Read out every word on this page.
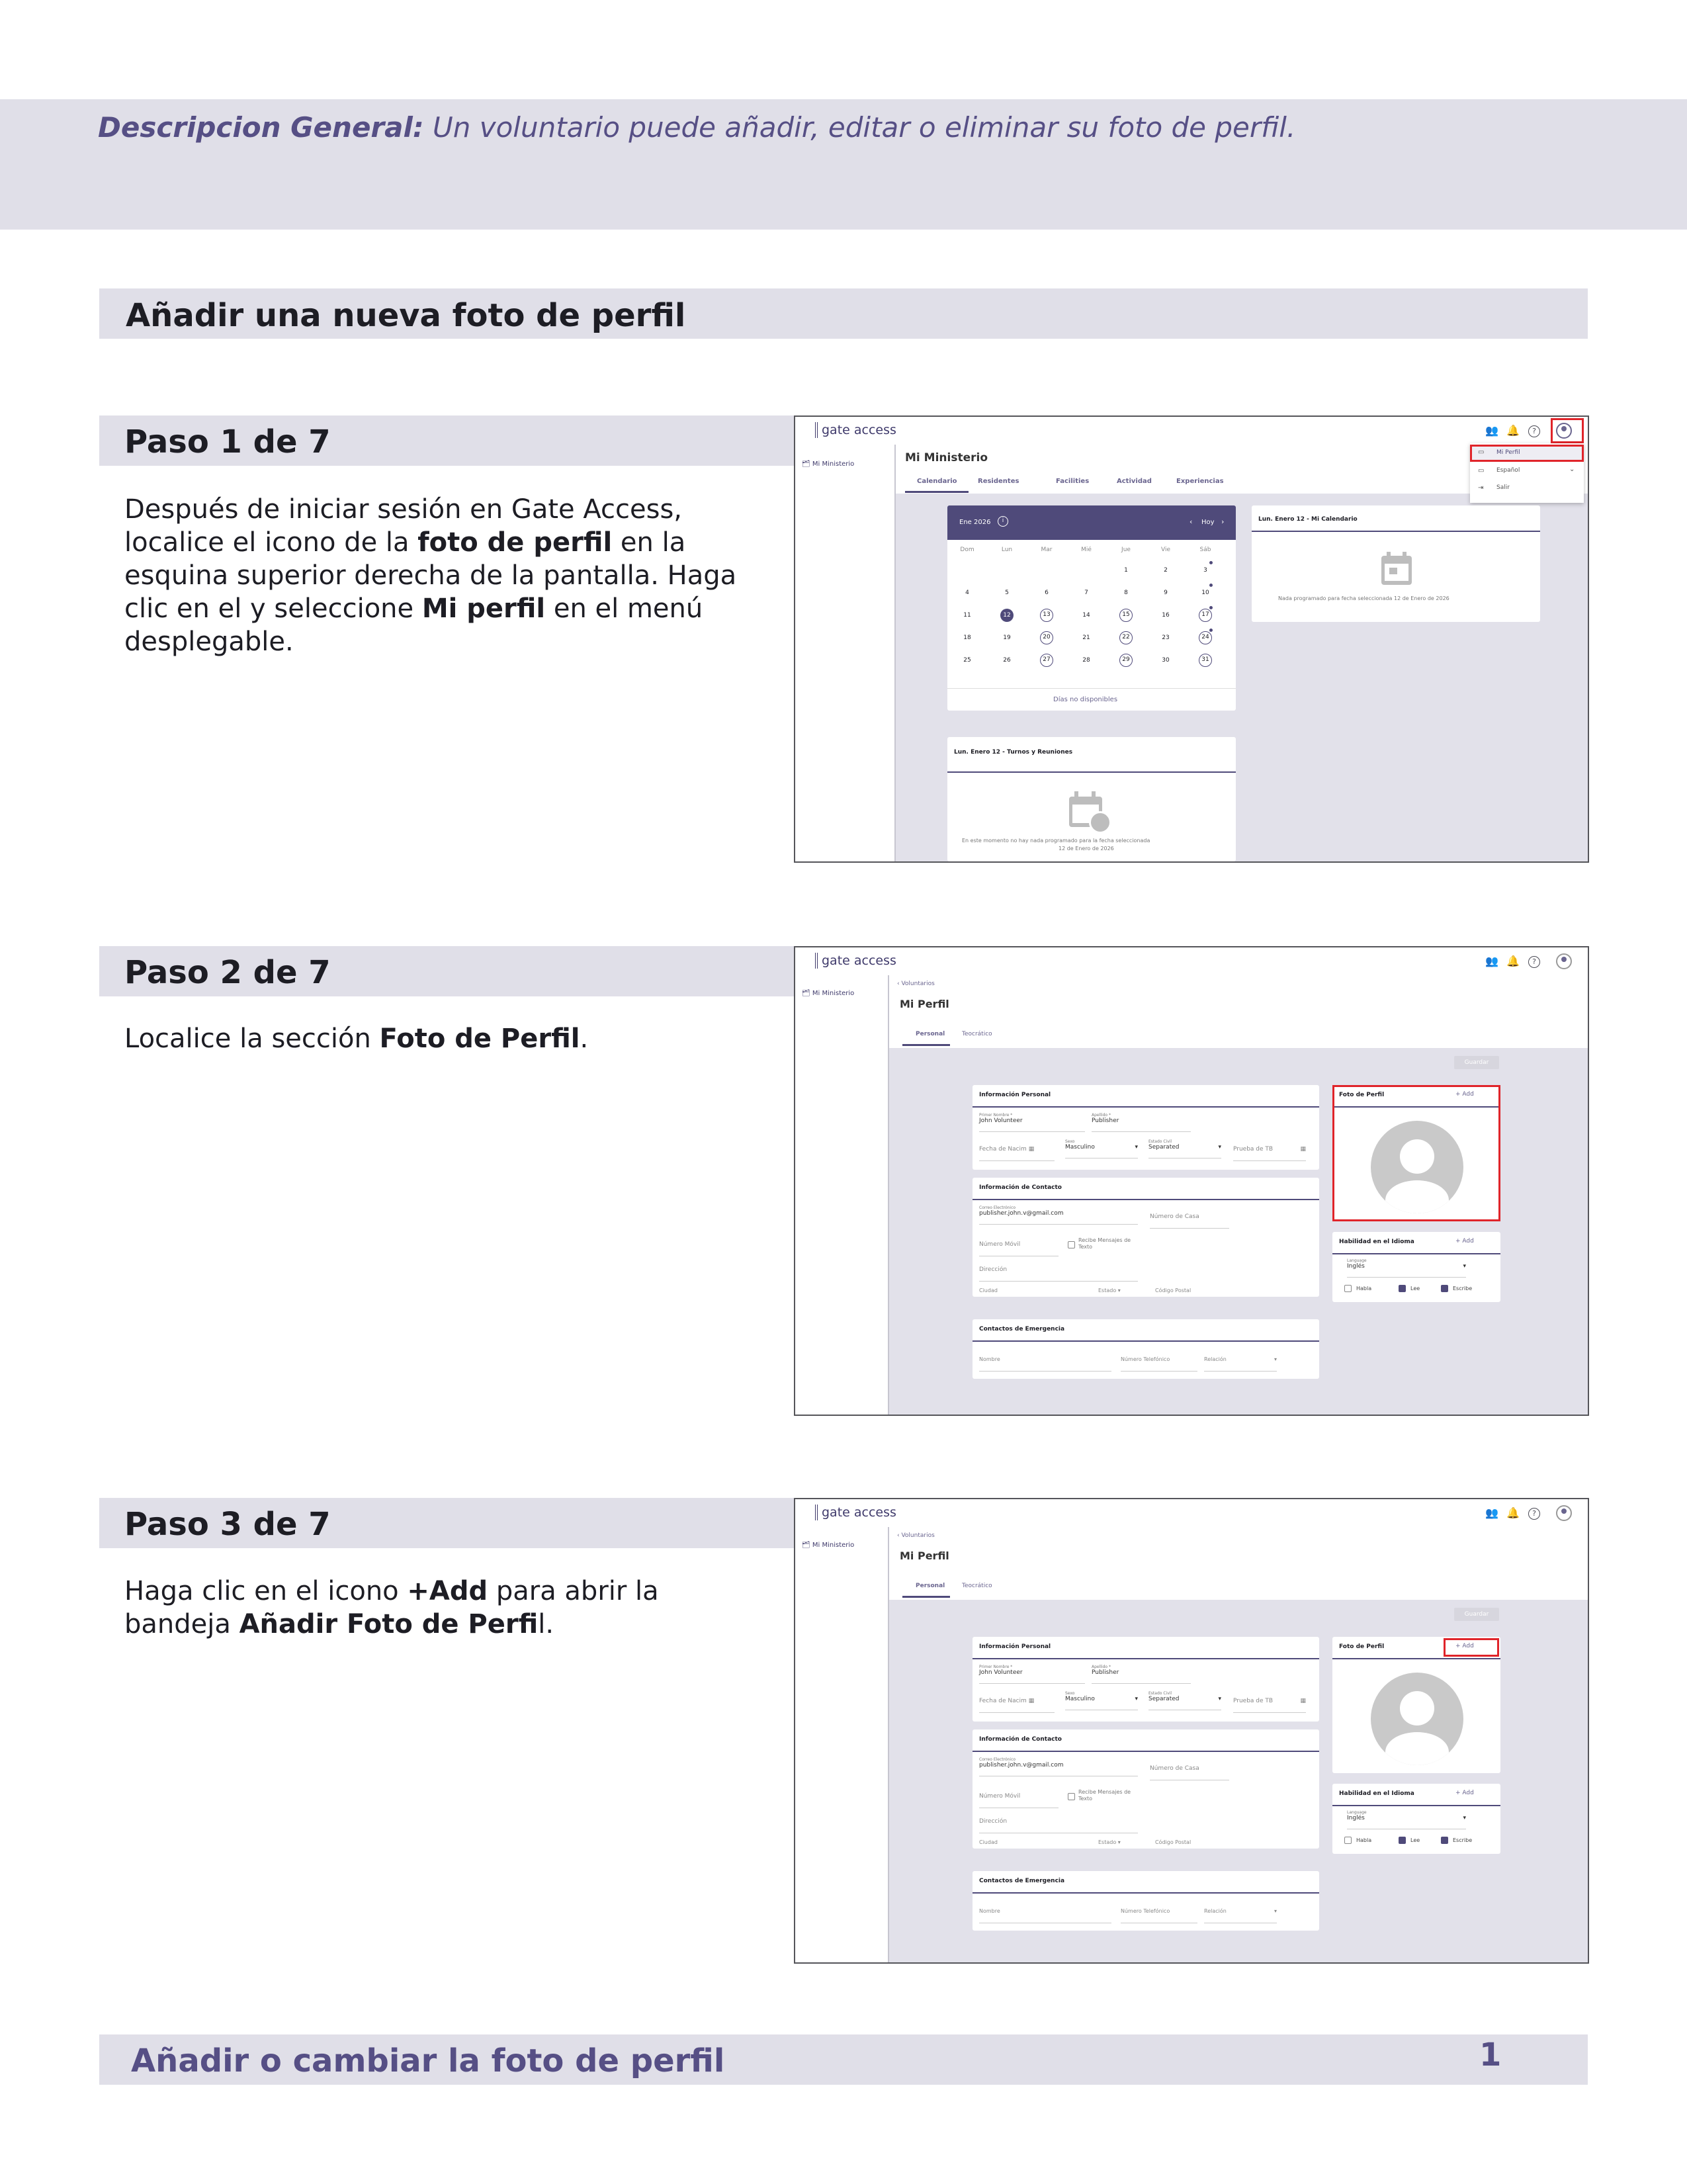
Descripcion General: Un voluntario puede añadir, editar o eliminar su foto de perfil.
Añadir una nueva foto de perfil
Paso 1 de 7
Después de iniciar sesión en Gate Access, localice el icono de la foto de perfil en la esquina superior derecha de la pantalla. Haga clic en el y seleccione Mi perfil en el menú desplegable.
gate access	👥 🔔	?
🗂 Mi Ministerio	Mi Ministerio
Calendario	Residentes	Facilities	Actividad	Experiencias
Mi Perfil
▭
▭ Español	⌄
⇥ Salir
Ene 2026	i	‹ Hoy ›
Dom	Lun	Mar	Mié	Jue	Vie	Sáb
1	2	3
4	5	6	7	8	9	10
11	12	13	14	15	16	17
18	19	20	21	22	23	24
25	26	27	28	29	30	31
Días no disponibles
Lun. Enero 12 - Mi Calendario
Nada programado para fecha seleccionada 12 de Enero de 2026
Lun. Enero 12 - Turnos y Reuniones
En este momento no hay nada programado para la fecha seleccionada
12 de Enero de 2026
Paso 2 de 7
Localice la sección Foto de Perfil.
gate access	👥 🔔	?
🗂 Mi Ministerio
‹ Voluntarios
Mi Perfil
Personal	Teocrático
Guardar
Información Personal
Primer Nombre *
John Volunteer
Apellido *
Publisher
Fecha de Nacim ▦
Sexo
Masculino	▾
Estado Civil
Separated	▾ Prueba de TB	▦
Información de Contacto
Correo Electrónico
publisher.john.v@gmail.com	Número de Casa
Número Móvil
Recibe Mensajes de Texto
Dirección
Ciudad	Estado ▾	Código Postal
Contactos de Emergencia
Nombre	Número Telefónico	Relación	▾
Foto de Perfil	+ Add
Habilidad en el Idioma	+ Add
Language
Inglés	▾
Habla	Lee	Escribe
Paso 3 de 7
Haga clic en el icono +Add para abrir la bandeja Añadir Foto de Perfil.
gate access	👥 🔔	?
🗂 Mi Ministerio
‹ Voluntarios
Mi Perfil
Personal	Teocrático
Guardar
Información Personal
Primer Nombre *
John Volunteer
Apellido *
Publisher
Fecha de Nacim ▦
Sexo
Masculino	▾
Estado Civil
Separated	▾ Prueba de TB	▦
Información de Contacto
Correo Electrónico
publisher.john.v@gmail.com	Número de Casa
Número Móvil
Recibe Mensajes de Texto
Dirección
Ciudad	Estado ▾	Código Postal
Contactos de Emergencia
Nombre	Número Telefónico	Relación	▾
Foto de Perfil	+ Add
Habilidad en el Idioma	+ Add
Language
Inglés	▾
Habla	Lee	Escribe
Añadir o cambiar la foto de perfil	1
